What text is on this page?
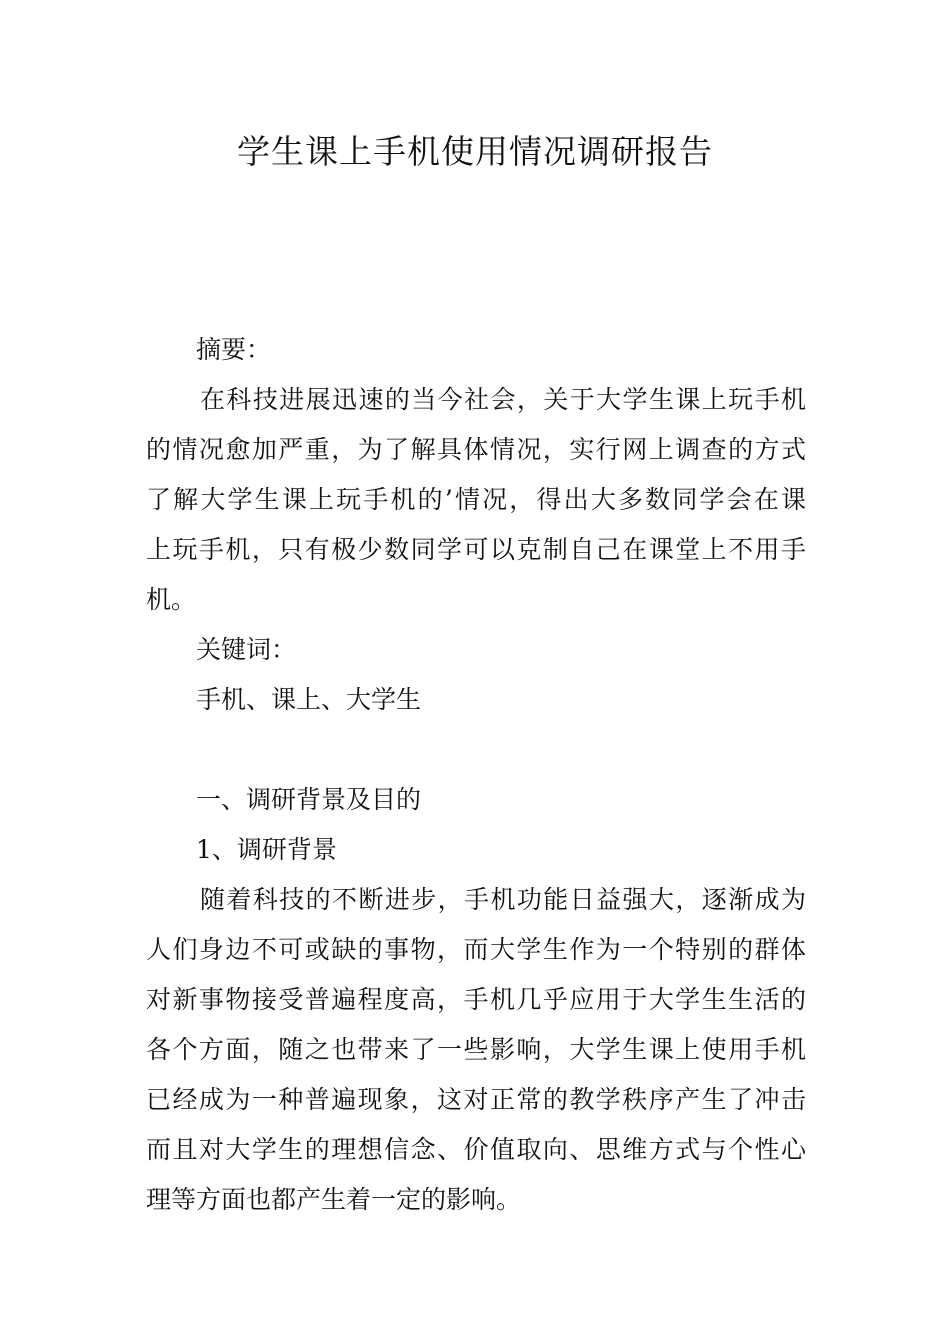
学生课上手机使用情况调研报告

摘要：

在科技进展迅速的当今社会，关于大学生课上玩手机

的情况愈加严重，为了解具体情况，实行网上调查的方式

了解大学生课上玩手机的’情况，得出大多数同学会在课

上玩手机，只有极少数同学可以克制自己在课堂上不用手

机。

关键词：

手机、课上、大学生

一、调研背景及目的

1、调研背景

随着科技的不断进步，手机功能日益强大，逐渐成为

人们身边不可或缺的事物，而大学生作为一个特别的群体

对新事物接受普遍程度高，手机几乎应用于大学生生活的

各个方面，随之也带来了一些影响，大学生课上使用手机

已经成为一种普遍现象，这对正常的教学秩序产生了冲击

而且对大学生的理想信念、价值取向、思维方式与个性心

理等方面也都产生着一定的影响。
